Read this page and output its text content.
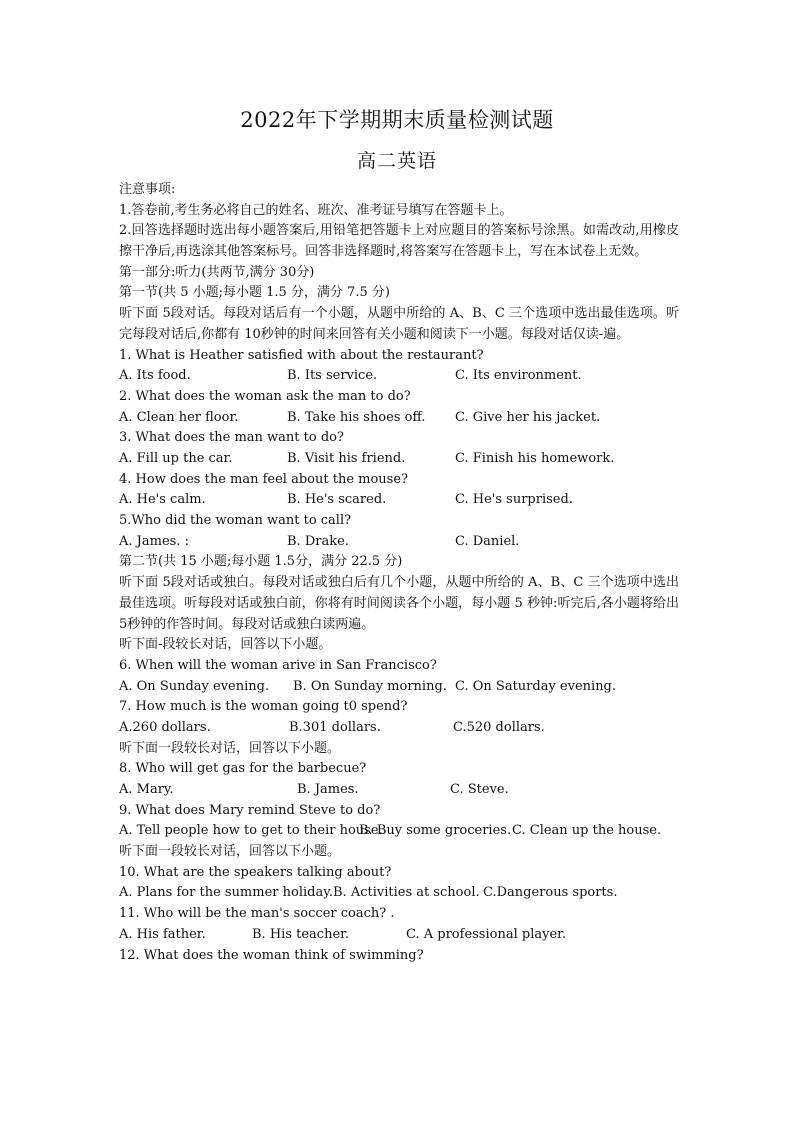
2022年下学期期末质量检测试题
高二英语
注意事项:
1.答卷前,考生务必将自己的姓名、班次、准考证号填写在答题卡上。
2.回答选择题时选出每小题答案后,用铅笔把答题卡上对应题目的答案标号涂黑。如需改动,用橡皮擦干净后,再选涂其他答案标号。回答非选择题时,将答案写在答题卡上，写在本试卷上无效。
第一部分:听力(共两节,满分 30分)
第一节(共 5 小题;每小题 1.5 分，满分 7.5 分)
听下面 5段对话。每段对话后有一个小题，从题中所给的 A、B、C 三个选项中选出最佳选项。听完每段对话后,你都有 10秒钟的时间来回答有关小题和阅读下一小题。每段对话仅读-遍。
1. What is Heather satisfied with about the restaurant?
A. Its food.	B. Its service.	C. Its environment.
2. What does the woman ask the man to do?
A. Clean her floor.	B. Take his shoes off.	C. Give her his jacket.
3. What does the man want to do?
A. Fill up the car.	B. Visit his friend.	C. Finish his homework.
4. How does the man feel about the mouse?
A. He's calm.	B. He's scared.	C. He's surprised.
5.Who did the woman want to call?
A. James. :	B. Drake.	C. Daniel.
第二节(共 15 小题;每小题 1.5分，满分 22.5 分)
听下面 5段对话或独白。每段对话或独白后有几个小题，从题中所给的 A、B、C 三个选项中选出最佳选项。听每段对话或独白前，你将有时间阅读各个小题，每小题 5 秒钟:听完后,各小题将给出 5秒钟的作答时间。每段对话或独白读两遍。
听下面-段较长对话，回答以下小题。
6. When will the woman arive in San Francisco?
A. On Sunday evening.	B. On Sunday morning. C. On Saturday evening.
7. How much is the woman going t0 spend?
A.260 dollars.	B.301 dollars.	C.520 dollars.
听下面一段较长对话，回答以下小题。
8. Who will get gas for the barbecue?
A. Mary.	B. James.	C. Steve.
9. What does Mary remind Steve to do?
A. Tell people how to get to their house.
B. Buy some groceries. C. Clean up the house.
听下面一段较长对话，回答以下小题。
10. What are the speakers talking about?
A. Plans for the summer holiday. B. Activities at school. C.Dangerous sports.
11. Who will be the man's soccer coach? .
A. His father.	B. His teacher.	C. A professional player.
12. What does the woman think of swimming?
